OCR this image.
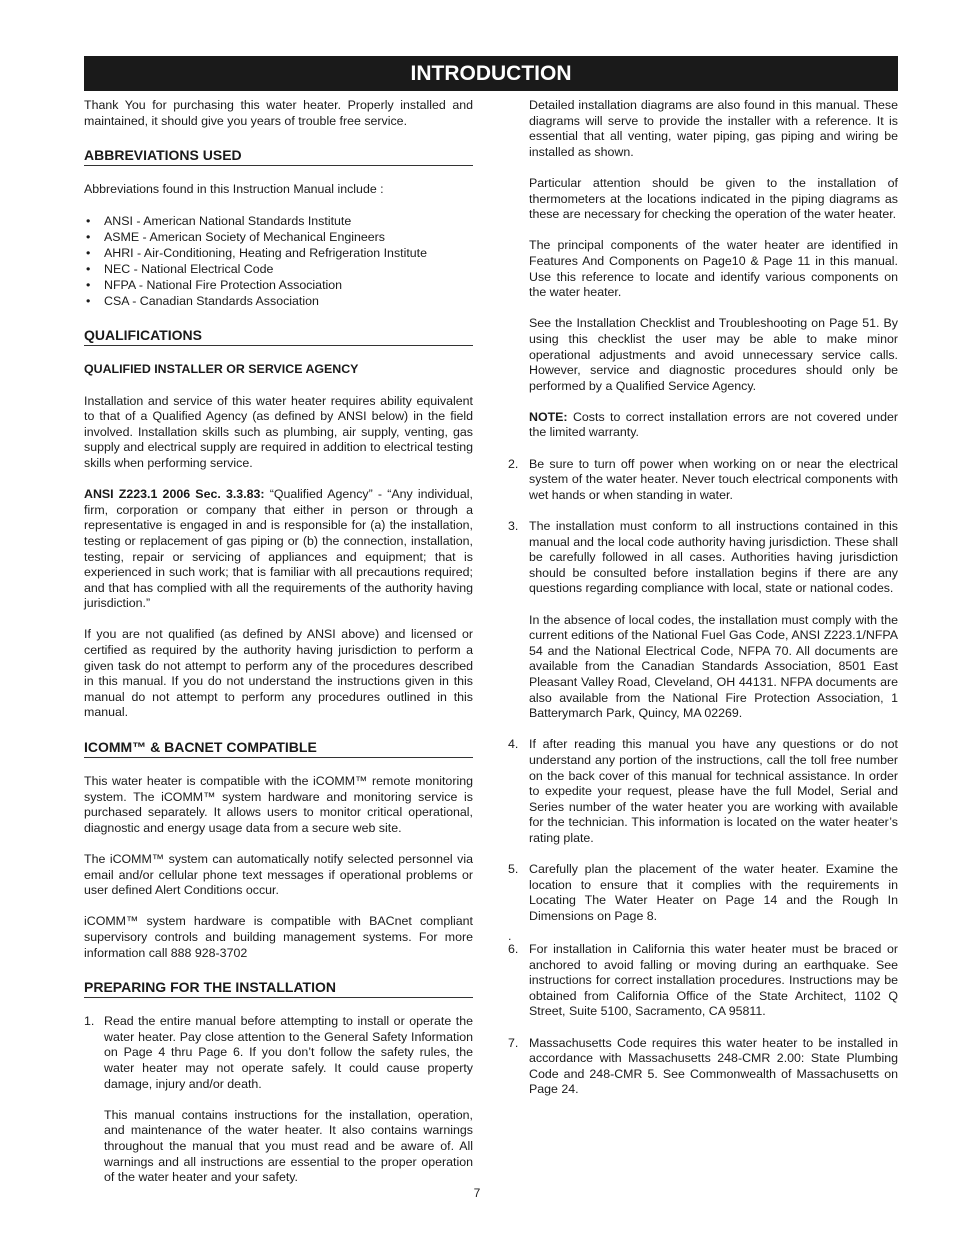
INTRODUCTION

Thank You for purchasing this water heater. Properly installed and maintained, it should give you years of trouble free service.

ABBREVIATIONS USED

Abbreviations found in this Instruction Manual include :

• ANSI - American National Standards Institute
• ASME - American Society of Mechanical Engineers
• AHRI - Air-Conditioning, Heating and Refrigeration Institute
• NEC - National Electrical Code
• NFPA - National Fire Protection Association
• CSA - Canadian Standards Association
QUALIFICATIONS
QUALIFIED INSTALLER OR SERVICE AGENCY

Installation and service of this water heater requires ability equivalent to that of a Qualified Agency (as defined by ANSI below) in the field involved. Installation skills such as plumbing, air supply, venting, gas supply and electrical supply are required in addition to electrical testing skills when performing service.

ANSI Z223.1 2006 Sec. 3.3.83: “Qualified Agency” - “Any individual, firm, corporation or company that either in person or through a representative is engaged in and is responsible for (a) the installation, testing or replacement of gas piping or (b) the connection, installation, testing, repair or servicing of appliances and equipment; that is experienced in such work; that is familiar with all precautions required; and that has complied with all the requirements of the authority having jurisdiction.”

If you are not qualified (as defined by ANSI above) and licensed or certified as required by the authority having jurisdiction to perform a given task do not attempt to perform any of the procedures described in this manual. If you do not understand the instructions given in this manual do not attempt to perform any procedures outlined in this manual.

ICOMM™ & BACNET COMPATIBLE

This water heater is compatible with the iCOMM™ remote monitoring system. The iCOMM™ system hardware and monitoring service is purchased separately. It allows users to monitor critical operational, diagnostic and energy usage data from a secure web site.

The iCOMM™ system can automatically notify selected personnel via email and/or cellular phone text messages if operational problems or user defined Alert Conditions occur.

iCOMM™ system hardware is compatible with BACnet compliant supervisory controls and building management systems. For more information call 888 928-3702

PREPARING FOR THE INSTALLATION
1. Read the entire manual before attempting to install or operate the water heater. Pay close attention to the General Safety Information on Page 4 thru Page 6. If you don’t follow the safety rules, the water heater may not operate safely. It could cause property damage, injury and/or death.

This manual contains instructions for the installation, operation, and maintenance of the water heater. It also contains warnings throughout the manual that you must read and be aware of. All warnings and all instructions are essential to the proper operation of the water heater and your safety.

Detailed installation diagrams are also found in this manual. These diagrams will serve to provide the installer with a reference. It is essential that all venting, water piping, gas piping and wiring be installed as shown.

Particular attention should be given to the installation of thermometers at the locations indicated in the piping diagrams as these are necessary for checking the operation of the water heater.

The principal components of the water heater are identified in Features And Components on Page10 & Page 11 in this manual. Use this reference to locate and identify various components on the water heater.

See the Installation Checklist and Troubleshooting on Page 51. By using this checklist the user may be able to make minor operational adjustments and avoid unnecessary service calls. However, service and diagnostic procedures should only be performed by a Qualified Service Agency.

NOTE: Costs to correct installation errors are not covered under the limited warranty.

2. Be sure to turn off power when working on or near the electrical system of the water heater. Never touch electrical components with wet hands or when standing in water.

3. The installation must conform to all instructions contained in this manual and the local code authority having jurisdiction. These shall be carefully followed in all cases. Authorities having jurisdiction should be consulted before installation begins if there are any questions regarding compliance with local, state or national codes.

In the absence of local codes, the installation must comply with the current editions of the National Fuel Gas Code, ANSI Z223.1/NFPA 54 and the National Electrical Code, NFPA 70. All documents are available from the Canadian Standards Association, 8501 East Pleasant Valley Road, Cleveland, OH 44131. NFPA documents are also available from the National Fire Protection Association, 1 Batterymarch Park, Quincy, MA 02269.

4. If after reading this manual you have any questions or do not understand any portion of the instructions, call the toll free number on the back cover of this manual for technical assistance. In order to expedite your request, please have the full Model, Serial and Series number of the water heater you are working with available for the technician. This information is located on the water heater’s rating plate.

5. Carefully plan the placement of the water heater. Examine the location to ensure that it complies with the requirements in Locating The Water Heater on Page 14 and the Rough In Dimensions on Page 8.

.
6. For installation in California this water heater must be braced or anchored to avoid falling or moving during an earthquake. See instructions for correct installation procedures. Instructions may be obtained from California Office of the State Architect, 1102 Q Street, Suite 5100, Sacramento, CA 95811.

7. Massachusetts Code requires this water heater to be installed in accordance with Massachusetts 248-CMR 2.00: State Plumbing Code and 248-CMR 5. See Commonwealth of Massachusetts on Page 24.

7
